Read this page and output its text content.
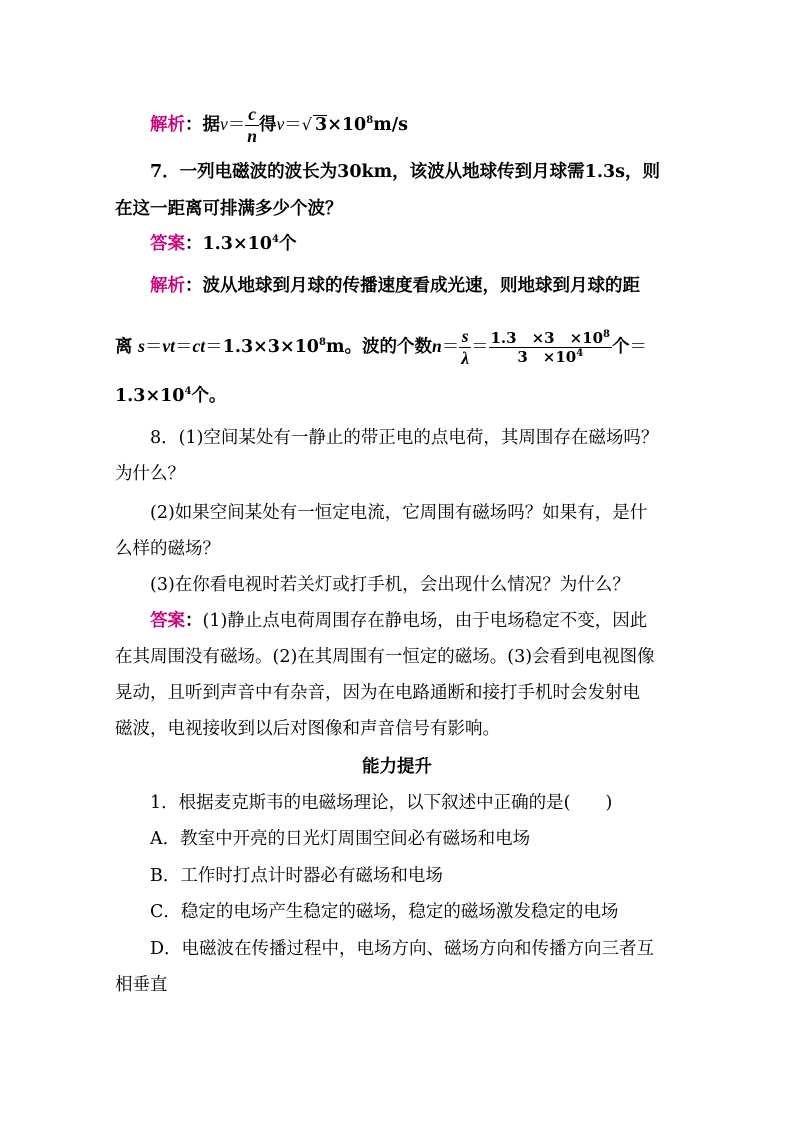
解析：据$v= \frac{c}{n}$ 得v＝√ $3\times 10^8m/s$
7．一列电磁波的波长为30km，该波从地球传到月球需1.3s，则
在这一距离可排满多少个波？
答案：$1.3\times 10^4$个
解析：波从地球到月球的传播速度看成光速，则地球到月球的距
离 $s=vt=ct=1.3\times 3\times 10^8m$。波的个数$n= \frac{s}{\lambda} = \frac{1.3 \times 3 \times 10^8}{3 \times 10^4}$ 个＝
$1.3\times 10^4$个。
8．(1)空间某处有一静止的带正电的点电荷，其周围存在磁场吗？
为什么？
(2)如果空间某处有一恒定电流，它周围有磁场吗？如果有，是什
么样的磁场？
(3)在你看电视时若关灯或打手机，会出现什么情况？为什么？
答案：(1)静止点电荷周围存在静电场，由于电场稳定不变，因此
在其周围没有磁场。(2)在其周围有一恒定的磁场。(3)会看到电视图像
晃动，且听到声音中有杂音，因为在电路通断和接打手机时会发射电
磁波，电视接收到以后对图像和声音信号有影响。
能力提升
1．根据麦克斯韦的电磁场理论，以下叙述中正确的是(　　)
A．教室中开亮的日光灯周围空间必有磁场和电场
B．工作时打点计时器必有磁场和电场
C．稳定的电场产生稳定的磁场，稳定的磁场激发稳定的电场
D．电磁波在传播过程中，电场方向、磁场方向和传播方向三者互
相垂直
